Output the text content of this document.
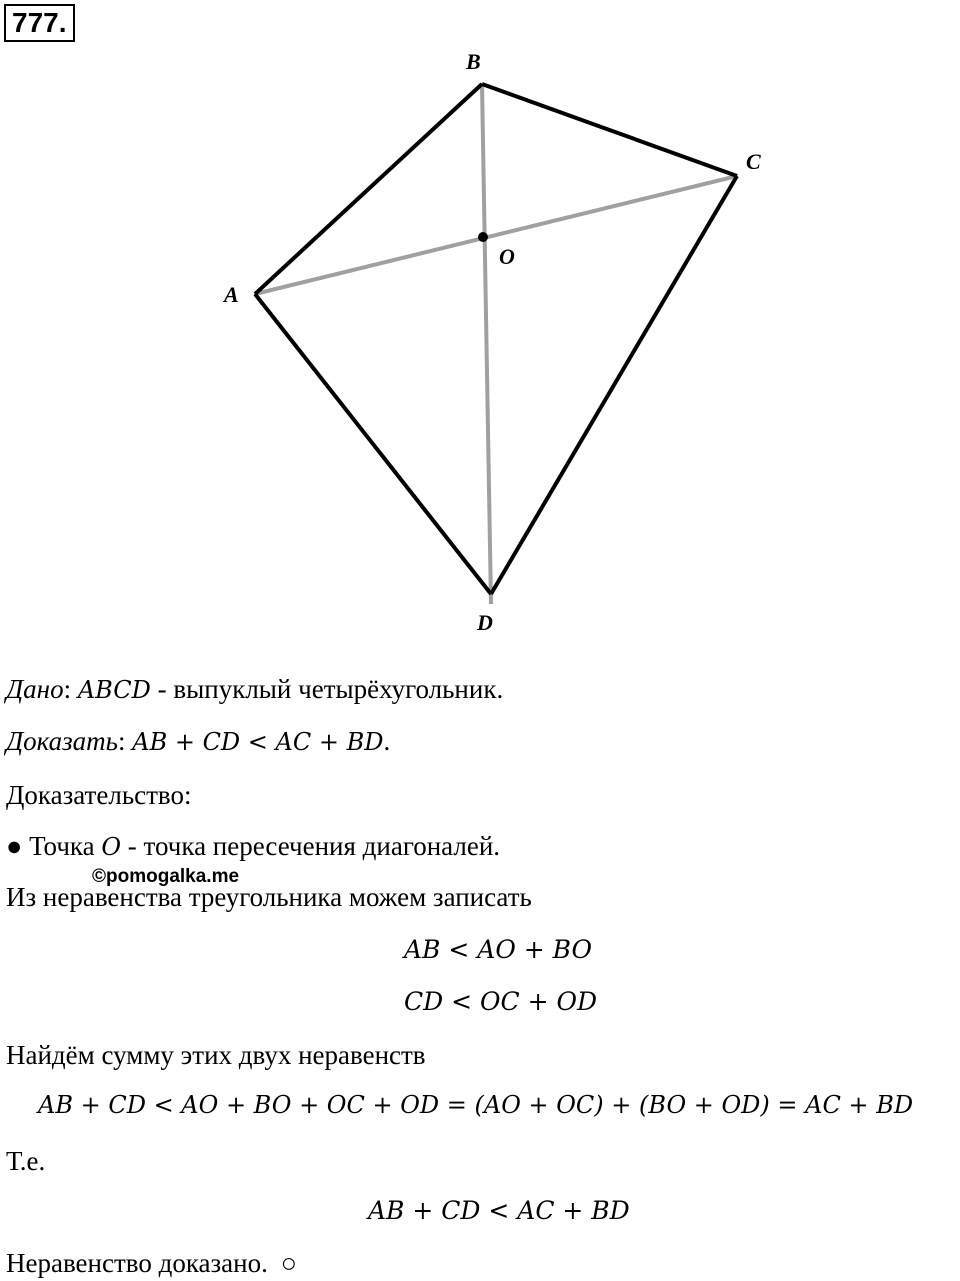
777.
B
C
A
O
D
Дано: ABCD - выпуклый четырёхугольник.
Доказать: AB + CD < AC + BD.
Доказательство:
● Точка O - точка пересечения диагоналей.
©pomogalka.me
Из неравенства треугольника можем записать
AB < AO + BO
CD < OC + OD
Найдём сумму этих двух неравенств
AB + CD < AO + BO + OC + OD = (AO + OC) + (BO + OD) = AC + BD
Т.е.
AB + CD < AC + BD
Неравенство доказано. ○
